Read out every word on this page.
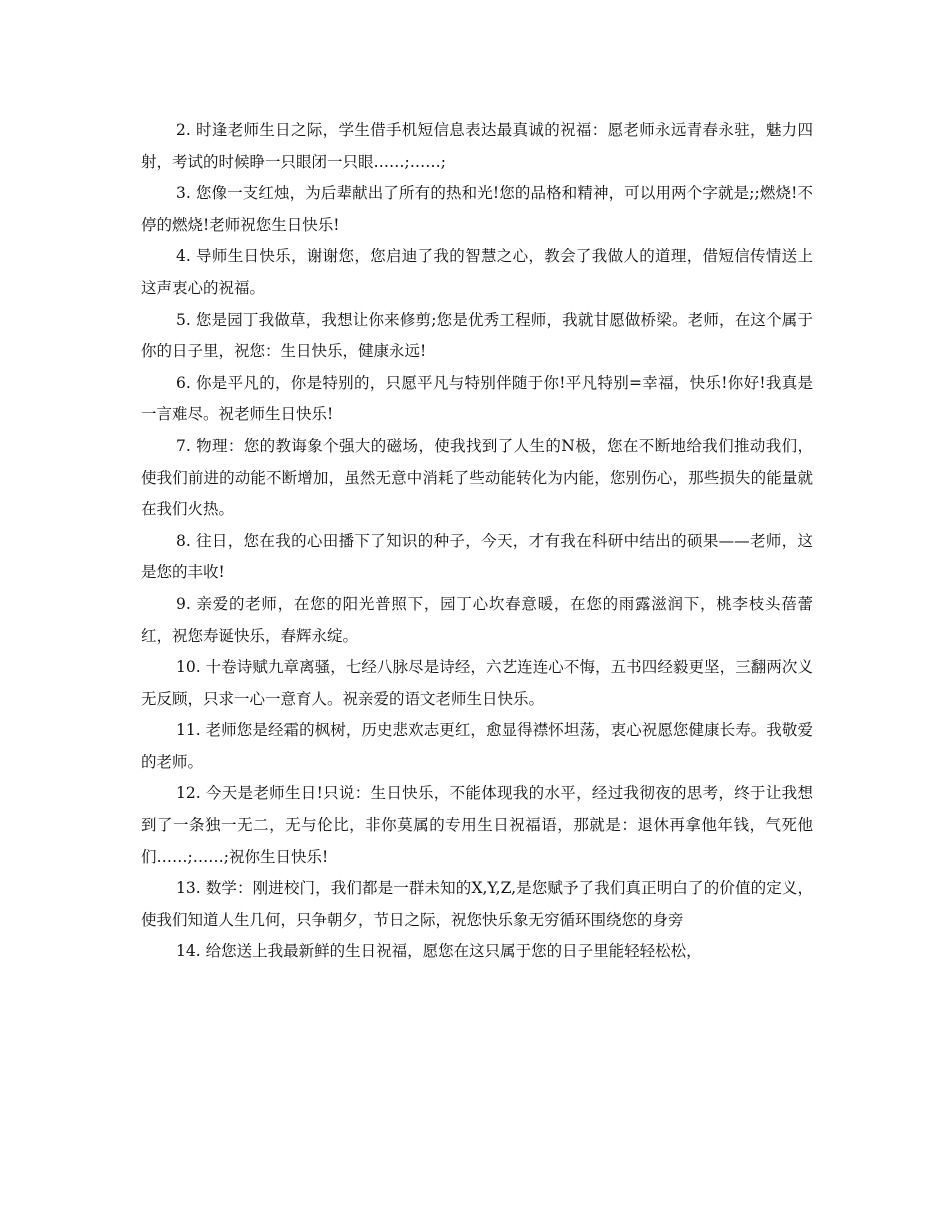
2. 时逢老师生日之际，学生借手机短信息表达最真诚的祝福：愿老师永远青春永驻，魅力四射，考试的时候睁一只眼闭一只眼……;……;

3. 您像一支红烛，为后辈献出了所有的热和光!您的品格和精神，可以用两个字就是;;燃烧!不停的燃烧!老师祝您生日快乐!

4. 导师生日快乐，谢谢您，您启迪了我的智慧之心，教会了我做人的道理，借短信传情送上这声衷心的祝福。

5. 您是园丁我做草，我想让你来修剪;您是优秀工程师，我就甘愿做桥梁。老师，在这个属于你的日子里，祝您：生日快乐，健康永远!

6. 你是平凡的，你是特别的，只愿平凡与特别伴随于你!平凡特别=幸福，快乐!你好!我真是一言难尽。祝老师生日快乐!

7. 物理：您的教诲象个强大的磁场，使我找到了人生的N极，您在不断地给我们推动我们，使我们前进的动能不断增加，虽然无意中消耗了些动能转化为内能，您别伤心，那些损失的能量就在我们火热。

8. 往日，您在我的心田播下了知识的种子，今天，才有我在科研中结出的硕果——老师，这是您的丰收!

9. 亲爱的老师，在您的阳光普照下，园丁心坎春意暖，在您的雨露滋润下，桃李枝头蓓蕾红，祝您寿诞快乐，春辉永绽。

10. 十卷诗赋九章离骚，七经八脉尽是诗经，六艺连连心不悔，五书四经毅更坚，三翻两次义无反顾，只求一心一意育人。祝亲爱的语文老师生日快乐。

11. 老师您是经霜的枫树，历史悲欢志更红，愈显得襟怀坦荡，衷心祝愿您健康长寿。我敬爱的老师。

12. 今天是老师生日!只说：生日快乐，不能体现我的水平，经过我彻夜的思考，终于让我想到了一条独一无二，无与伦比，非你莫属的专用生日祝福语，那就是：退休再拿他年钱，气死他们……;……;祝你生日快乐!

13. 数学：刚进校门，我们都是一群未知的X,Y,Z,是您赋予了我们真正明白了的价值的定义，使我们知道人生几何，只争朝夕，节日之际，祝您快乐象无穷循环围绕您的身旁

14. 给您送上我最新鲜的生日祝福，愿您在这只属于您的日子里能轻轻松松，
